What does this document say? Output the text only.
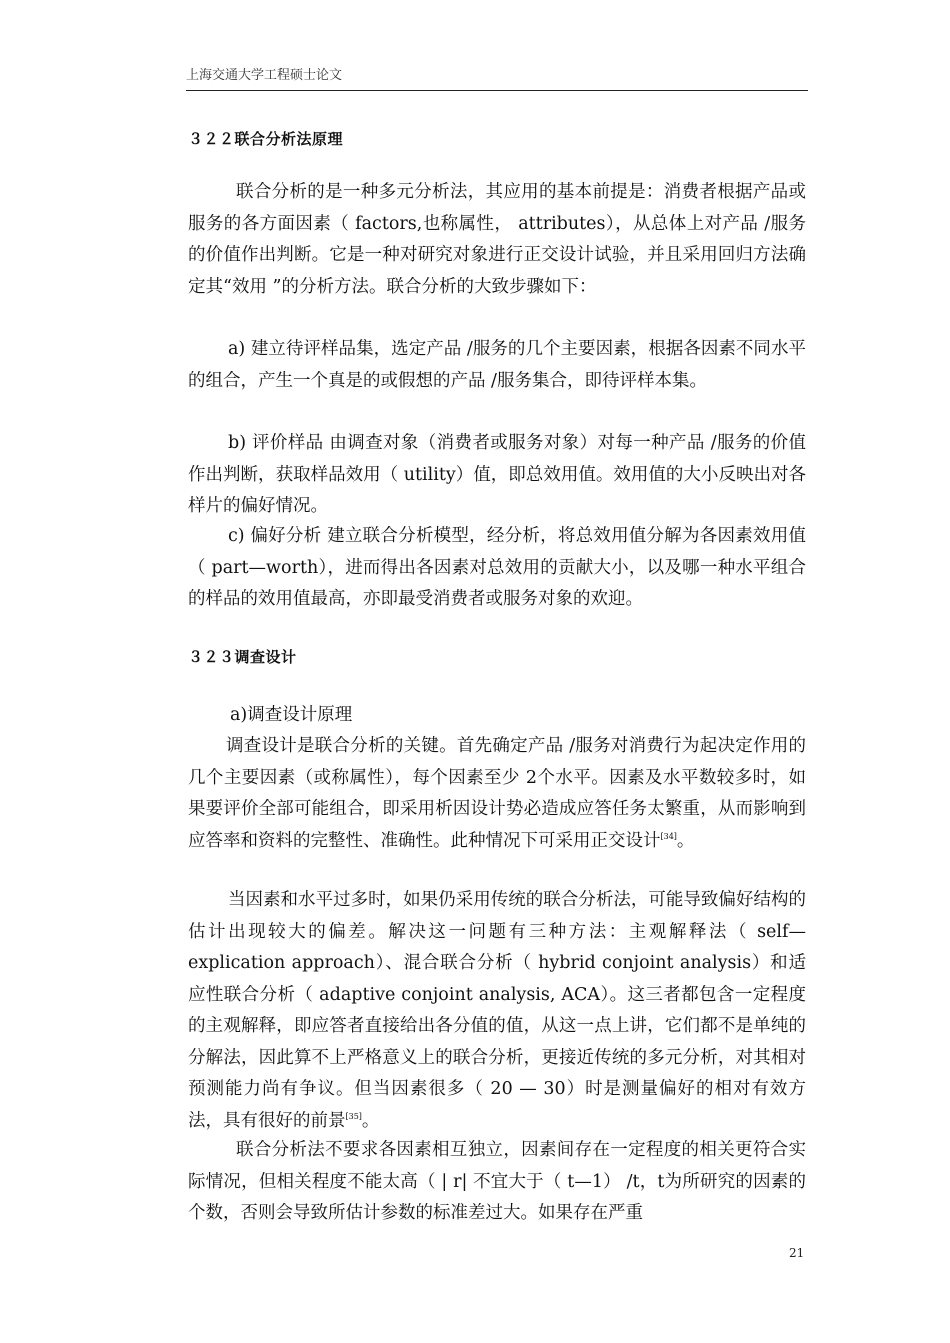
上海交通大学工程硕士论文
３２２联合分析法原理

联合分析的是一种多元分析法，其应用的基本前提是：消费者根据产品或服务的各方面因素（ factors,也称属性， attributes），从总体上对产品 /服务的价值作出判断。它是一种对研究对象进行正交设计试验，并且采用回归方法确定其“效用 ”的分析方法。联合分析的大致步骤如下：

a) 建立待评样品集，选定产品 /服务的几个主要因素，根据各因素不同水平的组合，产生一个真是的或假想的产品 /服务集合，即待评样本集。

b) 评价样品 由调查对象（消费者或服务对象）对每一种产品 /服务的价值作出判断，获取样品效用（ utility）值，即总效用值。效用值的大小反映出对各样片的偏好情况。

c) 偏好分析 建立联合分析模型，经分析，将总效用值分解为各因素效用值（ part—worth），进而得出各因素对总效用的贡献大小，以及哪一种水平组合的样品的效用值最高，亦即最受消费者或服务对象的欢迎。

３２３调查设计
a)调查设计原理

调查设计是联合分析的关键。首先确定产品 /服务对消费行为起决定作用的几个主要因素（或称属性），每个因素至少 2个水平。因素及水平数较多时，如果要评价全部可能组合，即采用析因设计势必造成应答任务太繁重，从而影响到应答率和资料的完整性、准确性。此种情况下可采用正交设计[34]。

当因素和水平过多时，如果仍采用传统的联合分析法，可能导致偏好结构的估计出现较大的偏差。解决这一问题有三种方法：主观解释法（ self—explication approach）、混合联合分析（ hybrid conjoint analysis）和适应性联合分析（ adaptive conjoint analysis, ACA）。这三者都包含一定程度的主观解释，即应答者直接给出各分值的值，从这一点上讲，它们都不是单纯的分解法，因此算不上严格意义上的联合分析，更接近传统的多元分析，对其相对预测能力尚有争议。但当因素很多（ 20 — 30）时是测量偏好的相对有效方法，具有很好的前景[35]。

联合分析法不要求各因素相互独立，因素间存在一定程度的相关更符合实际情况，但相关程度不能太高（ | r| 不宜大于（ t—1） /t，t为所研究的因素的个数，否则会导致所估计参数的标准差过大。如果存在严重

21
